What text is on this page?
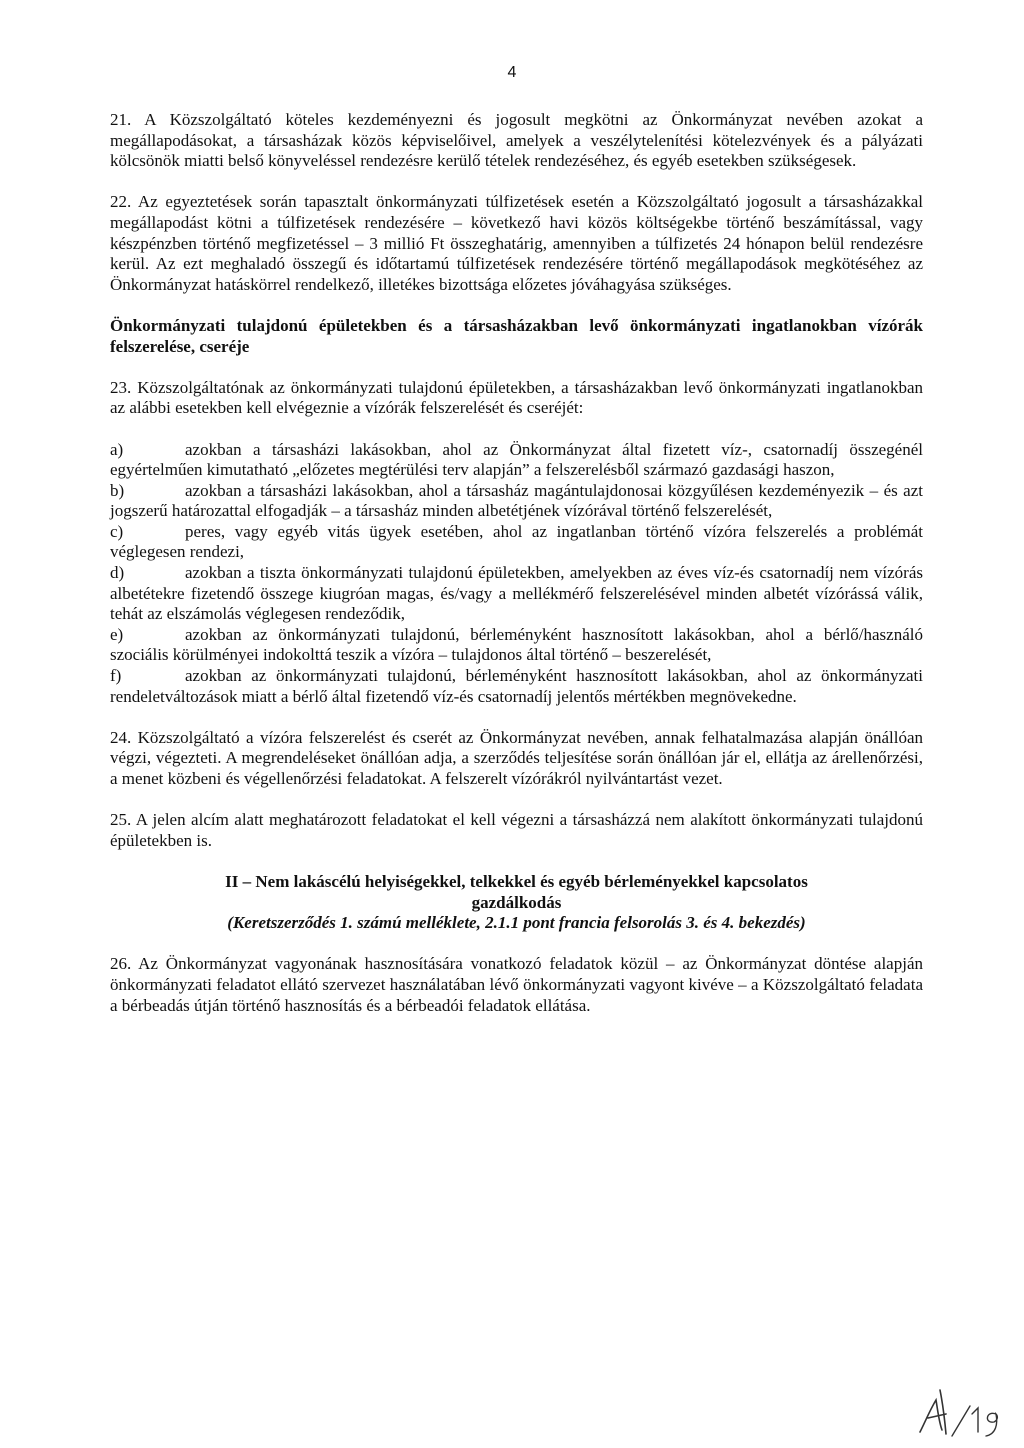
4

21. A Közszolgáltató köteles kezdeményezni és jogosult megkötni az Önkormányzat nevében azokat a megállapodásokat, a társasházak közös képviselőivel, amelyek a veszélytelenítési kötelezvények és a pályázati kölcsönök miatti belső könyveléssel rendezésre kerülő tételek rendezéséhez, és egyéb esetekben szükségesek.

22. Az egyeztetések során tapasztalt önkormányzati túlfizetések esetén a Közszolgáltató jogosult a társasházakkal megállapodást kötni a túlfizetések rendezésére – következő havi közös költségekbe történő beszámítással, vagy készpénzben történő megfizetéssel – 3 millió Ft összeghatárig, amennyiben a túlfizetés 24 hónapon belül rendezésre kerül. Az ezt meghaladó összegű és időtartamú túlfizetések rendezésére történő megállapodások megkötéséhez az Önkormányzat hatáskörrel rendelkező, illetékes bizottsága előzetes jóváhagyása szükséges.

Önkormányzati tulajdonú épületekben és a társasházakban levő önkormányzati ingatlanokban vízórák felszerelése, cseréje

23. Közszolgáltatónak az önkormányzati tulajdonú épületekben, a társasházakban levő önkormányzati ingatlanokban az alábbi esetekben kell elvégeznie a vízórák felszerelését és cseréjét:

a)	azokban a társasházi lakásokban, ahol az Önkormányzat által fizetett víz-, csatornadíj összegénél egyértelműen kimutatható „előzetes megtérülési terv alapján” a felszerelésből származó gazdasági haszon,

b)	azokban a társasházi lakásokban, ahol a társasház magántulajdonosai közgyűlésen kezdeményezik – és azt jogszerű határozattal elfogadják – a társasház minden albetétjének vízórával történő felszerelését,

c)	peres, vagy egyéb vitás ügyek esetében, ahol az ingatlanban történő vízóra felszerelés a problémát véglegesen rendezi,

d)	azokban a tiszta önkormányzati tulajdonú épületekben, amelyekben az éves víz-és csatornadíj nem vízórás albetétekre fizetendő összege kiugróan magas, és/vagy a mellékmérő felszerelésével minden albetét vízórássá válik, tehát az elszámolás véglegesen rendeződik,

e)	azokban az önkormányzati tulajdonú, bérleményként hasznosított lakásokban, ahol a bérlő/használó szociális körülményei indokolttá teszik a vízóra – tulajdonos által történő – beszerelését,

f)	azokban az önkormányzati tulajdonú, bérleményként hasznosított lakásokban, ahol az önkormányzati rendeletváltozások miatt a bérlő által fizetendő víz-és csatornadíj jelentős mértékben megnövekedne.

24. Közszolgáltató a vízóra felszerelést és cserét az Önkormányzat nevében, annak felhatalmazása alapján önállóan végzi, végezteti. A megrendeléseket önállóan adja, a szerződés teljesítése során önállóan jár el, ellátja az árellenőrzési, a menet közbeni és végellenőrzési feladatokat. A felszerelt vízórákról nyilvántartást vezet.

25. A jelen alcím alatt meghatározott feladatokat el kell végezni a társasházzá nem alakított önkormányzati tulajdonú épületekben is.

II – Nem lakáscélú helyiségekkel, telkekkel és egyéb bérleményekkel kapcsolatos
gazdálkodás
(Keretszerződés 1. számú melléklete, 2.1.1 pont francia felsorolás 3. és 4. bekezdés)

26. Az Önkormányzat vagyonának hasznosítására vonatkozó feladatok közül – az Önkormányzat döntése alapján önkormányzati feladatot ellátó szervezet használatában lévő önkormányzati vagyont kivéve – a Közszolgáltató feladata a bérbeadás útján történő hasznosítás és a bérbeadói feladatok ellátása.
